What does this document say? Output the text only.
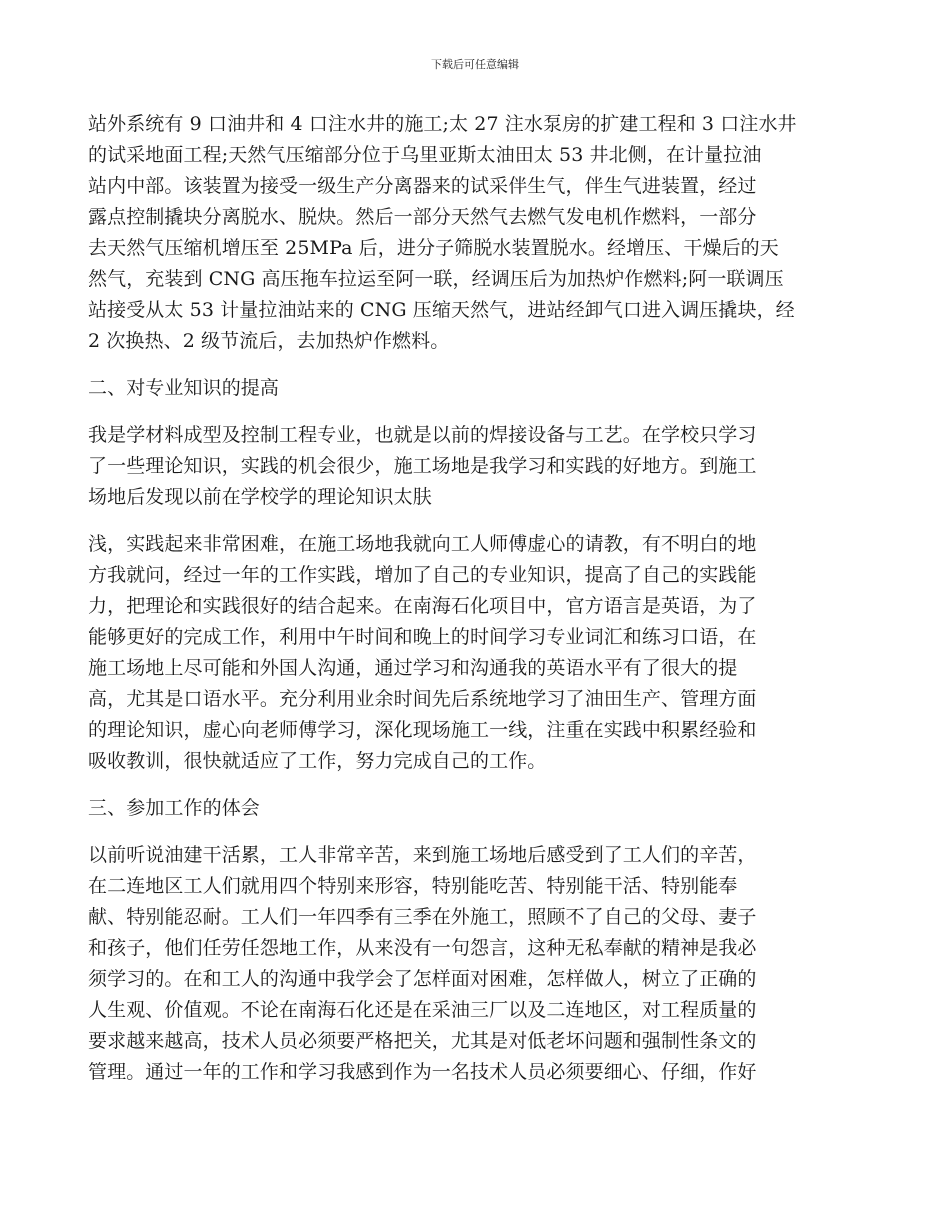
下载后可任意编辑
站外系统有 9 口油井和 4 口注水井的施工;太 27 注水泵房的扩建工程和 3 口注水井
的试采地面工程;天然气压缩部分位于乌里亚斯太油田太 53 井北侧，在计量拉油
站内中部。该装置为接受一级生产分离器来的试采伴生气，伴生气进装置，经过
露点控制撬块分离脱水、脱炔。然后一部分天然气去燃气发电机作燃料，一部分
去天然气压缩机增压至 25MPa 后，进分子筛脱水装置脱水。经增压、干燥后的天
然气，充装到 CNG 高压拖车拉运至阿一联，经调压后为加热炉作燃料;阿一联调压
站接受从太 53 计量拉油站来的 CNG 压缩天然气，进站经卸气口进入调压撬块，经
2 次换热、2 级节流后，去加热炉作燃料。
二、对专业知识的提高
我是学材料成型及控制工程专业，也就是以前的焊接设备与工艺。在学校只学习
了一些理论知识，实践的机会很少，施工场地是我学习和实践的好地方。到施工
场地后发现以前在学校学的理论知识太肤
浅，实践起来非常困难，在施工场地我就向工人师傅虚心的请教，有不明白的地
方我就问，经过一年的工作实践，增加了自己的专业知识，提高了自己的实践能
力，把理论和实践很好的结合起来。在南海石化项目中，官方语言是英语，为了
能够更好的完成工作，利用中午时间和晚上的时间学习专业词汇和练习口语，在
施工场地上尽可能和外国人沟通，通过学习和沟通我的英语水平有了很大的提
高，尤其是口语水平。充分利用业余时间先后系统地学习了油田生产、管理方面
的理论知识，虚心向老师傅学习，深化现场施工一线，注重在实践中积累经验和
吸收教训，很快就适应了工作，努力完成自己的工作。
三、参加工作的体会
以前听说油建干活累，工人非常辛苦，来到施工场地后感受到了工人们的辛苦，
在二连地区工人们就用四个特别来形容，特别能吃苦、特别能干活、特别能奉
献、特别能忍耐。工人们一年四季有三季在外施工，照顾不了自己的父母、妻子
和孩子，他们任劳任怨地工作，从来没有一句怨言，这种无私奉献的精神是我必
须学习的。在和工人的沟通中我学会了怎样面对困难，怎样做人，树立了正确的
人生观、价值观。不论在南海石化还是在采油三厂以及二连地区，对工程质量的
要求越来越高，技术人员必须要严格把关，尤其是对低老坏问题和强制性条文的
管理。通过一年的工作和学习我感到作为一名技术人员必须要细心、仔细，作好
